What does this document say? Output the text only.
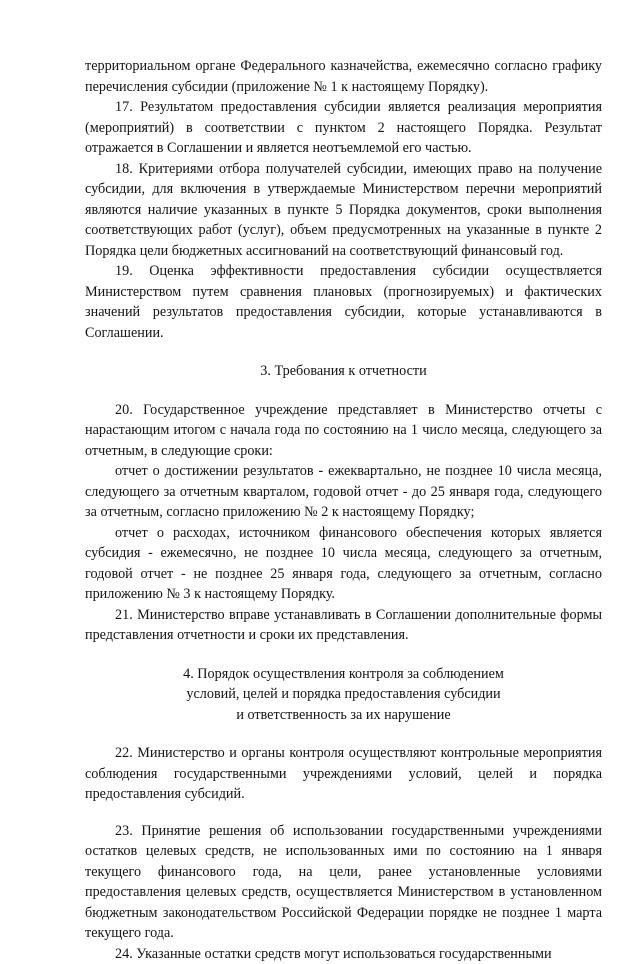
территориальном органе Федерального казначейства, ежемесячно согласно графику перечисления субсидии (приложение № 1 к настоящему Порядку).

17. Результатом предоставления субсидии является реализация мероприятия (мероприятий) в соответствии с пунктом 2 настоящего Порядка. Результат отражается в Соглашении и является неотъемлемой его частью.

18. Критериями отбора получателей субсидии, имеющих право на получение субсидии, для включения в утверждаемые Министерством перечни мероприятий являются наличие указанных в пункте 5 Порядка документов, сроки выполнения соответствующих работ (услуг), объем предусмотренных на указанные в пункте 2 Порядка цели бюджетных ассигнований на соответствующий финансовый год.

19. Оценка эффективности предоставления субсидии осуществляется Министерством путем сравнения плановых (прогнозируемых) и фактических значений результатов предоставления субсидии, которые устанавливаются в Соглашении.

3. Требования к отчетности

20. Государственное учреждение представляет в Министерство отчеты с нарастающим итогом с начала года по состоянию на 1 число месяца, следующего за отчетным, в следующие сроки:

отчет о достижении результатов - ежеквартально, не позднее 10 числа месяца, следующего за отчетным кварталом, годовой отчет - до 25 января года, следующего за отчетным, согласно приложению № 2 к настоящему Порядку;

отчет о расходах, источником финансового обеспечения которых является субсидия - ежемесячно, не позднее 10 числа месяца, следующего за отчетным, годовой отчет - не позднее 25 января года, следующего за отчетным, согласно приложению № 3 к настоящему Порядку.

21. Министерство вправе устанавливать в Соглашении дополнительные формы представления отчетности и сроки их представления.

4. Порядок осуществления контроля за соблюдением
условий, целей и порядка предоставления субсидии
и ответственность за их нарушение

22. Министерство и органы контроля осуществляют контрольные мероприятия соблюдения государственными учреждениями условий, целей и порядка предоставления субсидий.

23. Принятие решения об использовании государственными учреждениями остатков целевых средств, не использованных ими по состоянию на 1 января текущего финансового года, на цели, ранее установленные условиями предоставления целевых средств, осуществляется Министерством в установленном бюджетным законодательством Российской Федерации порядке не позднее 1 марта текущего года.

24. Указанные остатки средств могут использоваться государственными
